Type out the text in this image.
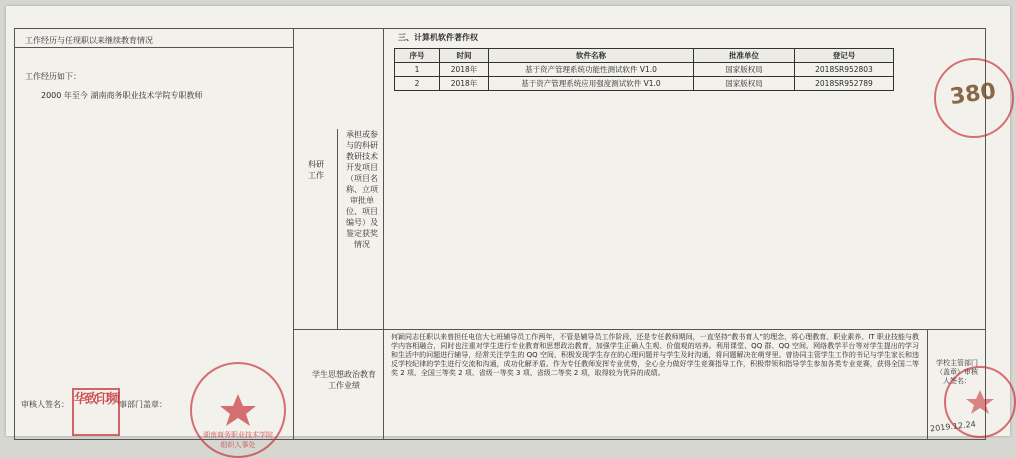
工作经历与任现职以来继续教育情况
工作经历如下：
2000 年至今 湖南商务职业技术学院专职教师
审核人签名：	事部门盖章：
科研
工作
承担或参与的科研教研技术开发项目（项目名称、立项审批单位、项目编号）及鉴定获奖情况
学生思想政治教育工作业绩
何颖同志任职以来曾担任电信大七班辅导员工作两年，不管是辅导员工作阶段，还是专任教师期间，一直坚持“教书育人”的理念，将心理教育、职业素养、IT 职业技能与教学内容相融合，同时也注重对学生进行专业教育和思想政治教育，加强学生正确人生观、价值观的培养。利用课堂、QQ 群、QQ 空间、网络教学平台等对学生提出的学习和生活中的问题进行辅导，经常关注学生的 QQ 空间，积极发现学生存在的心理问题并与学生及时沟通，将问题解决在萌芽里。曾协同主管学生工作的书记与学生家长和违反学校纪律的学生进行交流和沟通，成功化解矛盾。作为专任教师发挥专业优势，全心全力做好学生竞赛指导工作，积极带领和指导学生参加各类专业竞赛，获得全国二等奖 2 项、全国三等奖 2 项、省级一等奖 3 项、省级二等奖 2 项，取得较为优异的成绩。
学校主管部门（盖章）审核人签名：
三、计算机软件著作权
序号	时间	软件名称	批准单位	登记号
1	2018年	基于资产管理系统功能性测试软件 V1.0	国家版权局	2018SR952803
2	2018年	基于资产管理系统应用强度测试软件 V1.0	国家版权局	2018SR952789
华致印频
湖南商务职业技术学院 组织人事处
380
2019.12.24
